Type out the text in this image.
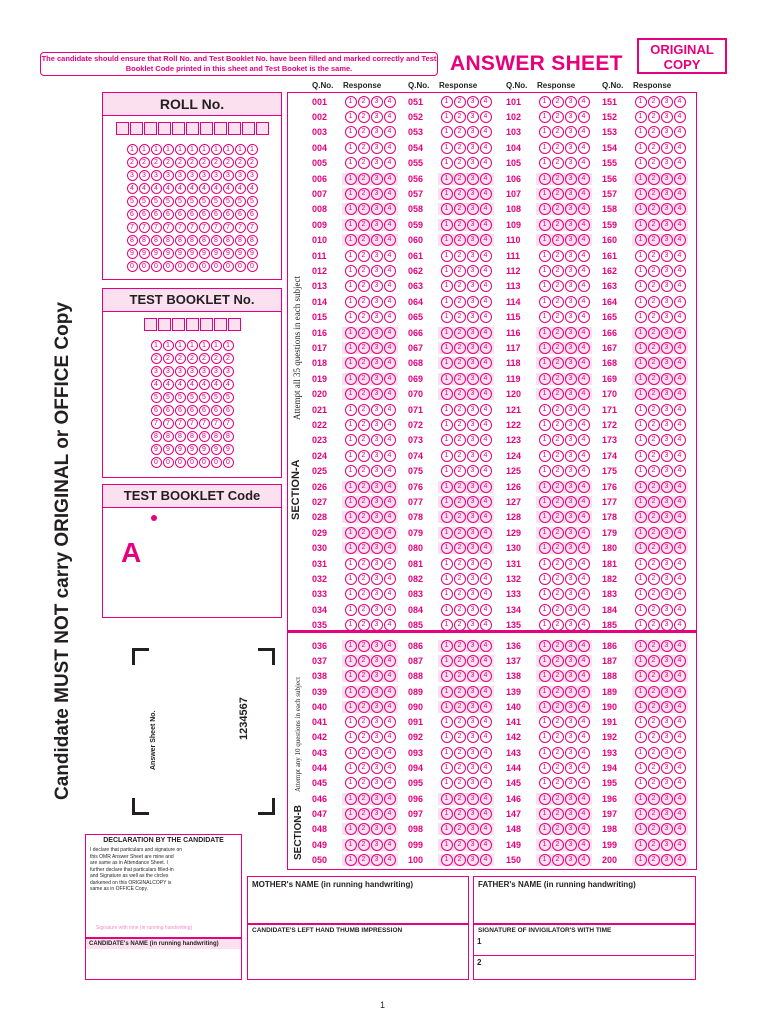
The candidate should ensure that Roll No. and Test Booklet No. have been filled and marked correctly and Test Booklet Code printed in this sheet and Test Booket is the same.	ANSWER SHEET
ORIGINAL
COPY
Candidate MUST NOT carry ORIGINAL or OFFICE Copy
ROLL No.
1 1 1 1 1 1 1 1 1 1 1
2 2 2 2 2 2 2 2 2 2 2
3 3 3 3 3 3 3 3 3 3 3
4 4 4 4 4 4 4 4 4 4 4
5 5 5 5 5 5 5 5 5 5 5
6 6 6 6 6 6 6 6 6 6 6
7 7 7 7 7 7 7 7 7 7 7
8 8 8 8 8 8 8 8 8 8 8
9 9 9 9 9 9 9 9 9 9 9
0 0 0 0 0 0 0 0 0 0 0
TEST BOOKLET No.
1 1 1 1 1 1 1
2 2 2 2 2 2 2
3 3 3 3 3 3 3
4 4 4 4 4 4 4
5 5 5 5 5 5 5
6 6 6 6 6 6 6
7 7 7 7 7 7 7
8 8 8 8 8 8 8
9 9 9 9 9 9 9
0 0 0 0 0 0 0
TEST BOOKLET Code
A
Answer Sheet No.	1234567
DECLARATION BY THE CANDIDATE
I declare that particulars and signature on this OMR Answer Sheet are mine and are same as in Attendance Sheet. I further declare that particulars filled-in and Signature as well as the circles darkened on this ORIGINALCOPY is same as in OFFICE Copy.
Signature with time (in running handwriting)
CANDIDATE's NAME (in running handwriting)
MOTHER's NAME (in running handwriting)	FATHER's NAME (in running handwriting)
CANDIDATE'S LEFT HAND THUMB IMPRESSION	SIGNATURE OF INVIGILATOR'S WITH TIME
1
2
SECTION-A
Attempt all 35 questions in each subject
SECTION-B
Attempt any 10 questions in each subject
Q.No. Response	Q.No. Response	Q.No. Response	Q.No. Response
001	1	2	3	4
002	1	2	3	4
003	1	2	3	4
004	1	2	3	4
005	1	2	3	4
006	1	2	3	4
007	1	2	3	4
008	1	2	3	4
009	1	2	3	4
010	1	2	3	4
011	1	2	3	4
012	1	2	3	4
013	1	2	3	4
014	1	2	3	4
015	1	2	3	4
016	1	2	3	4
017	1	2	3	4
018	1	2	3	4
019	1	2	3	4
020	1	2	3	4
021	1	2	3	4
022	1	2	3	4
023	1	2	3	4
024	1	2	3	4
025	1	2	3	4
026	1	2	3	4
027	1	2	3	4
028	1	2	3	4
029	1	2	3	4
030	1	2	3	4
031	1	2	3	4
032	1	2	3	4
033	1	2	3	4
034	1	2	3	4
035	1	2	3	4
036	1	2	3	4
037	1	2	3	4
038	1	2	3	4
039	1	2	3	4
040	1	2	3	4
041	1	2	3	4
042	1	2	3	4
043	1	2	3	4
044	1	2	3	4
045	1	2	3	4
046	1	2	3	4
047	1	2	3	4
048	1	2	3	4
049	1	2	3	4
050	1	2	3	4
051	1	2	3	4
052	1	2	3	4
053	1	2	3	4
054	1	2	3	4
055	1	2	3	4
056	1	2	3	4
057	1	2	3	4
058	1	2	3	4
059	1	2	3	4
060	1	2	3	4
061	1	2	3	4
062	1	2	3	4
063	1	2	3	4
064	1	2	3	4
065	1	2	3	4
066	1	2	3	4
067	1	2	3	4
068	1	2	3	4
069	1	2	3	4
070	1	2	3	4
071	1	2	3	4
072	1	2	3	4
073	1	2	3	4
074	1	2	3	4
075	1	2	3	4
076	1	2	3	4
077	1	2	3	4
078	1	2	3	4
079	1	2	3	4
080	1	2	3	4
081	1	2	3	4
082	1	2	3	4
083	1	2	3	4
084	1	2	3	4
085	1	2	3	4
086	1	2	3	4
087	1	2	3	4
088	1	2	3	4
089	1	2	3	4
090	1	2	3	4
091	1	2	3	4
092	1	2	3	4
093	1	2	3	4
094	1	2	3	4
095	1	2	3	4
096	1	2	3	4
097	1	2	3	4
098	1	2	3	4
099	1	2	3	4
100	1	2	3	4
101	1	2	3	4
102	1	2	3	4
103	1	2	3	4
104	1	2	3	4
105	1	2	3	4
106	1	2	3	4
107	1	2	3	4
108	1	2	3	4
109	1	2	3	4
110	1	2	3	4
111	1	2	3	4
112	1	2	3	4
113	1	2	3	4
114	1	2	3	4
115	1	2	3	4
116	1	2	3	4
117	1	2	3	4
118	1	2	3	4
119	1	2	3	4
120	1	2	3	4
121	1	2	3	4
122	1	2	3	4
123	1	2	3	4
124	1	2	3	4
125	1	2	3	4
126	1	2	3	4
127	1	2	3	4
128	1	2	3	4
129	1	2	3	4
130	1	2	3	4
131	1	2	3	4
132	1	2	3	4
133	1	2	3	4
134	1	2	3	4
135	1	2	3	4
136	1	2	3	4
137	1	2	3	4
138	1	2	3	4
139	1	2	3	4
140	1	2	3	4
141	1	2	3	4
142	1	2	3	4
143	1	2	3	4
144	1	2	3	4
145	1	2	3	4
146	1	2	3	4
147	1	2	3	4
148	1	2	3	4
149	1	2	3	4
150	1	2	3	4
151	1	2	3	4
152	1	2	3	4
153	1	2	3	4
154	1	2	3	4
155	1	2	3	4
156	1	2	3	4
157	1	2	3	4
158	1	2	3	4
159	1	2	3	4
160	1	2	3	4
161	1	2	3	4
162	1	2	3	4
163	1	2	3	4
164	1	2	3	4
165	1	2	3	4
166	1	2	3	4
167	1	2	3	4
168	1	2	3	4
169	1	2	3	4
170	1	2	3	4
171	1	2	3	4
172	1	2	3	4
173	1	2	3	4
174	1	2	3	4
175	1	2	3	4
176	1	2	3	4
177	1	2	3	4
178	1	2	3	4
179	1	2	3	4
180	1	2	3	4
181	1	2	3	4
182	1	2	3	4
183	1	2	3	4
184	1	2	3	4
185	1	2	3	4
186	1	2	3	4
187	1	2	3	4
188	1	2	3	4
189	1	2	3	4
190	1	2	3	4
191	1	2	3	4
192	1	2	3	4
193	1	2	3	4
194	1	2	3	4
195	1	2	3	4
196	1	2	3	4
197	1	2	3	4
198	1	2	3	4
199	1	2	3	4
200	1	2	3	4
1
